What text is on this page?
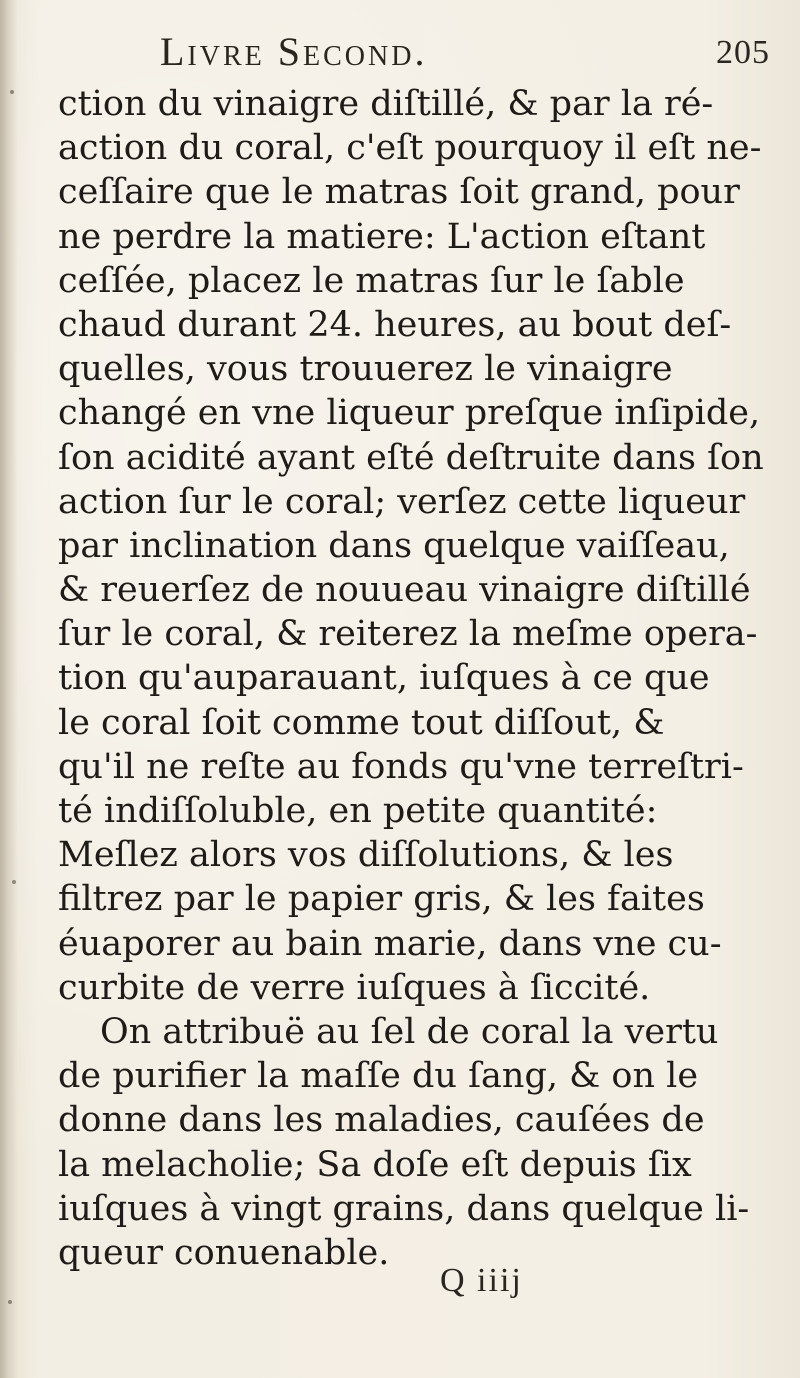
Livre Second.	205
ction du vinaigre diſtillé, & par la ré-
action du coral, c'eſt pourquoy il eſt ne-
ceſſaire que le matras ſoit grand, pour
ne perdre la matiere: L'action eſtant
ceſſée, placez le matras ſur le ſable
chaud durant 24. heures, au bout deſ-
quelles, vous trouuerez le vinaigre
changé en vne liqueur preſque inſipide,
ſon acidité ayant eſté deſtruite dans ſon
action ſur le coral; verſez cette liqueur
par inclination dans quelque vaiſſeau,
& reuerſez de nouueau vinaigre diſtillé
ſur le coral, & reiterez la meſme opera-
tion qu'auparauant, iuſques à ce que
le coral ſoit comme tout diſſout, &
qu'il ne reſte au fonds qu'vne terreſtri-
té indiſſoluble, en petite quantité:
Meſlez alors vos diſſolutions, & les
filtrez par le papier gris, & les faites
éuaporer au bain marie, dans vne cu-
curbite de verre iuſques à ſiccité.
On attribuë au ſel de coral la vertu
de purifier la maſſe du ſang, & on le
donne dans les maladies, cauſées de
la melacholie; Sa doſe eſt depuis ſix
iuſques à vingt grains, dans quelque li-
queur conuenable.
Q iiij
